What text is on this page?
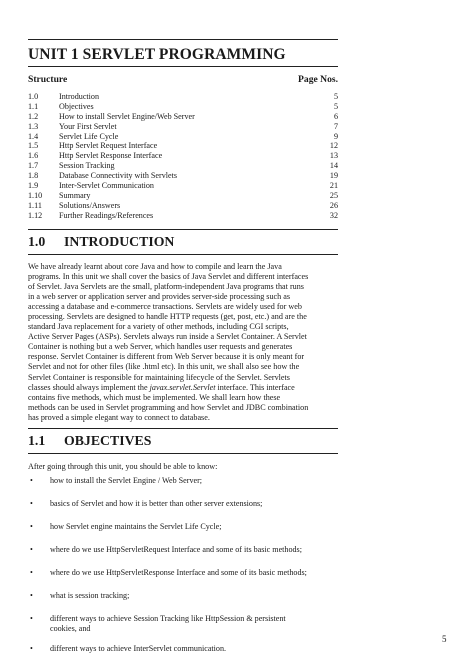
UNIT 1 SERVLET PROGRAMMING
Structure	Page Nos.
1.0	Introduction	5
1.1	Objectives	5
1.2	How to install Servlet Engine/Web Server	6
1.3	Your First Servlet	7
1.4	Servlet Life Cycle	9
1.5	Http Servlet Request Interface	12
1.6	Http Servlet Response Interface	13
1.7	Session Tracking	14
1.8	Database Connectivity with Servlets	19
1.9	Inter-Servlet Communication	21
1.10 Summary	25
1.11 Solutions/Answers	26
1.12 Further Readings/References	32
1.0 INTRODUCTION
We have already learnt about core Java and how to compile and learn the Java
programs. In this unit we shall cover the basics of Java Servlet and different interfaces
of Servlet. Java Servlets are the small, platform-independent Java programs that runs
in a web server or application server and provides server-side processing such as
accessing a database and e-commerce transactions. Servlets are widely used for web
processing. Servlets are designed to handle HTTP requests (get, post, etc.) and are the
standard Java replacement for a variety of other methods, including CGI scripts,
Active Server Pages (ASPs). Servlets always run inside a Servlet Container. A Servlet
Container is nothing but a web Server, which handles user requests and generates
response. Servlet Container is different from Web Server because it is only meant for
Servlet and not for other files (like .html etc). In this unit, we shall also see how the
Servlet Container is responsible for maintaining lifecycle of the Servlet. Servlets
classes should always implement the javax.servlet.Servlet interface. This interface
contains five methods, which must be implemented. We shall learn how these
methods can be used in Servlet programming and how Servlet and JDBC combination
has proved a simple elegant way to connect to database.
1.1 OBJECTIVES
After going through this unit, you should be able to know:
• how to install the Servlet Engine / Web Server;
• basics of Servlet and how it is better than other server extensions;
• how Servlet engine maintains the Servlet Life Cycle;
• where do we use HttpServletRequest Interface and some of its basic methods;
• where do we use HttpServletResponse Interface and some of its basic methods;
• what is session tracking;
• different ways to achieve Session Tracking like HttpSession & persistent
cookies, and
• different ways to achieve InterServlet communication.
5
